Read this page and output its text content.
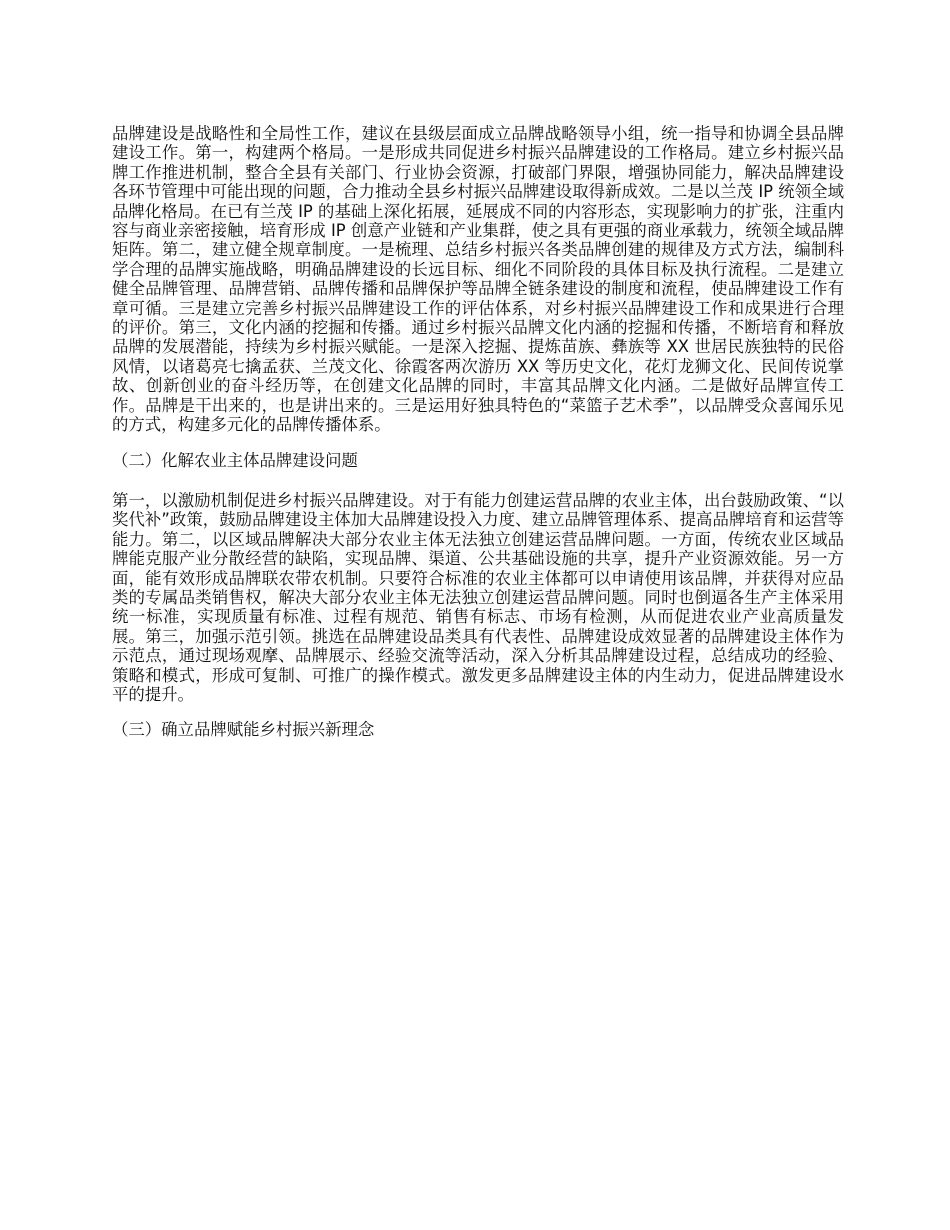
品牌建设是战略性和全局性工作，建议在县级层面成立品牌战略领导小组，统一指导和协调全县品牌建设工作。第一，构建两个格局。一是形成共同促进乡村振兴品牌建设的工作格局。建立乡村振兴品牌工作推进机制，整合全县有关部门、行业协会资源，打破部门界限，增强协同能力，解决品牌建设各环节管理中可能出现的问题，合力推动全县乡村振兴品牌建设取得新成效。二是以兰茂 IP 统领全域品牌化格局。在已有兰茂 IP 的基础上深化拓展，延展成不同的内容形态，实现影响力的扩张，注重内容与商业亲密接触，培育形成 IP 创意产业链和产业集群，使之具有更强的商业承载力，统领全域品牌矩阵。第二，建立健全规章制度。一是梳理、总结乡村振兴各类品牌创建的规律及方式方法，编制科学合理的品牌实施战略，明确品牌建设的长远目标、细化不同阶段的具体目标及执行流程。二是建立健全品牌管理、品牌营销、品牌传播和品牌保护等品牌全链条建设的制度和流程，使品牌建设工作有章可循。三是建立完善乡村振兴品牌建设工作的评估体系，对乡村振兴品牌建设工作和成果进行合理的评价。第三，文化内涵的挖掘和传播。通过乡村振兴品牌文化内涵的挖掘和传播，不断培育和释放品牌的发展潜能，持续为乡村振兴赋能。一是深入挖掘、提炼苗族、彝族等 XX 世居民族独特的民俗风情，以诸葛亮七擒孟获、兰茂文化、徐霞客两次游历 XX 等历史文化，花灯龙狮文化、民间传说掌故、创新创业的奋斗经历等，在创建文化品牌的同时，丰富其品牌文化内涵。二是做好品牌宣传工作。品牌是干出来的，也是讲出来的。三是运用好独具特色的“菜篮子艺术季”，以品牌受众喜闻乐见的方式，构建多元化的品牌传播体系。

（二）化解农业主体品牌建设问题

第一，以激励机制促进乡村振兴品牌建设。对于有能力创建运营品牌的农业主体，出台鼓励政策、“以奖代补”政策，鼓励品牌建设主体加大品牌建设投入力度、建立品牌管理体系、提高品牌培育和运营等能力。第二，以区域品牌解决大部分农业主体无法独立创建运营品牌问题。一方面，传统农业区域品牌能克服产业分散经营的缺陷，实现品牌、渠道、公共基础设施的共享，提升产业资源效能。另一方面，能有效形成品牌联农带农机制。只要符合标准的农业主体都可以申请使用该品牌，并获得对应品类的专属品类销售权，解决大部分农业主体无法独立创建运营品牌问题。同时也倒逼各生产主体采用统一标准，实现质量有标准、过程有规范、销售有标志、市场有检测，从而促进农业产业高质量发展。第三，加强示范引领。挑选在品牌建设品类具有代表性、品牌建设成效显著的品牌建设主体作为示范点，通过现场观摩、品牌展示、经验交流等活动，深入分析其品牌建设过程，总结成功的经验、策略和模式，形成可复制、可推广的操作模式。激发更多品牌建设主体的内生动力，促进品牌建设水平的提升。

（三）确立品牌赋能乡村振兴新理念
